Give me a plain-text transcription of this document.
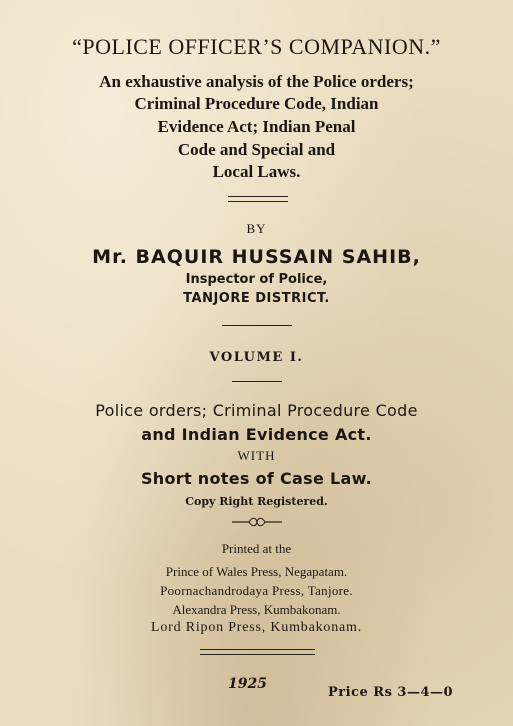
“POLICE OFFICER’S COMPANION.”
An exhaustive analysis of the Police orders;
Criminal Procedure Code, Indian
Evidence Act; Indian Penal
Code and Special and
Local Laws.
BY
Mr. BAQUIR HUSSAIN SAHIB,
Inspector of Police,
TANJORE DISTRICT.
VOLUME I.
Police orders; Criminal Procedure Code
and Indian Evidence Act.
WITH
Short notes of Case Law.
Copy Right Registered.
Printed at the
Prince of Wales Press, Negapatam.
Poornachandrodaya Press, Tanjore.
Alexandra Press, Kumbakonam.
Lord Ripon Press, Kumbakonam.
1925
Price Rs 3—4—0
